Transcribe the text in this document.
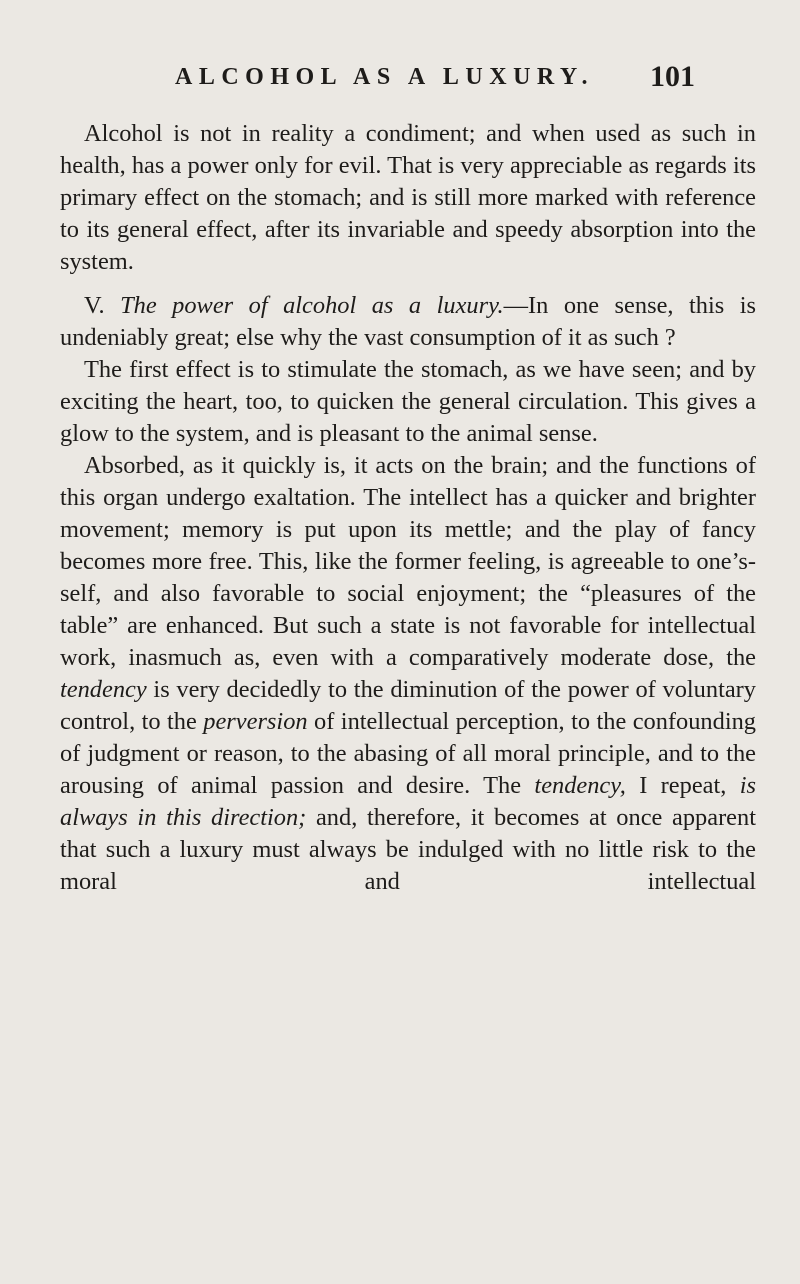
ALCOHOL AS A LUXURY. 101

Alcohol is not in reality a condiment; and when used as such in health, has a power only for evil. That is very appreciable as regards its primary effect on the stomach; and is still more marked with reference to its general effect, after its invariable and speedy absorption into the system.

V. The power of alcohol as a luxury.—In one sense, this is undeniably great; else why the vast consumption of it as such ?

The first effect is to stimulate the stomach, as we have seen; and by exciting the heart, too, to quicken the general circulation. This gives a glow to the system, and is pleasant to the animal sense.

Absorbed, as it quickly is, it acts on the brain; and the functions of this organ undergo exaltation. The intellect has a quicker and brighter movement; memory is put upon its mettle; and the play of fancy becomes more free. This, like the former feeling, is agreeable to one’s-self, and also favorable to social enjoyment; the “pleasures of the table” are enhanced. But such a state is not favorable for intellectual work, inasmuch as, even with a comparatively moderate dose, the tendency is very decidedly to the diminution of the power of voluntary control, to the perversion of intellectual perception, to the confounding of judgment or reason, to the abasing of all moral principle, and to the arousing of animal passion and desire. The tendency, I repeat, is always in this direction; and, therefore, it becomes at once apparent that such a luxury must always be indulged with no little risk to the moral and intellectual
